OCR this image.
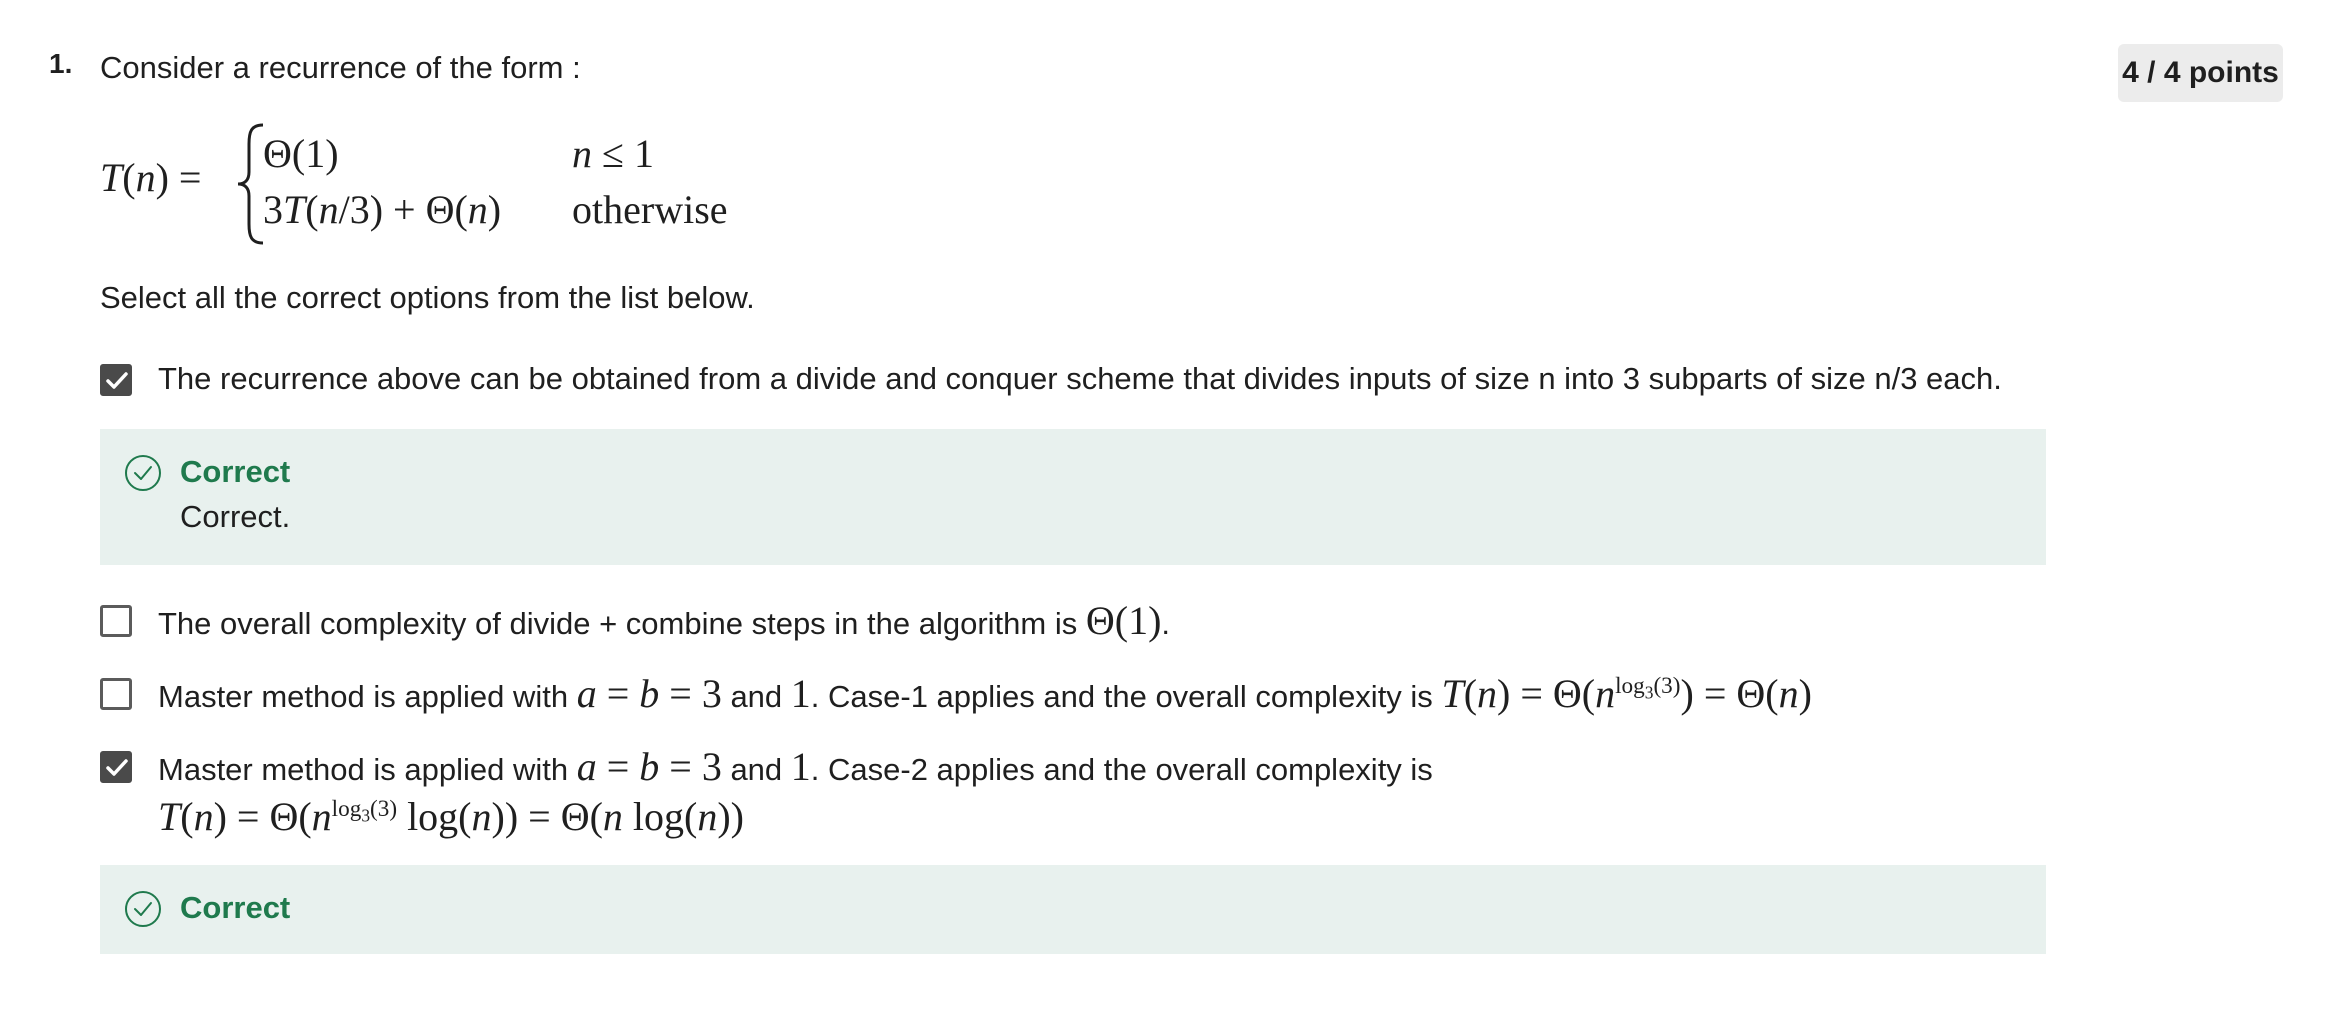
1. Consider a recurrence of the form :	4 / 4 points
T(n) =
Θ(1)	n ≤ 1
3T(n/3) + Θ(n) otherwise
Select all the correct options from the list below.
The recurrence above can be obtained from a divide and conquer scheme that divides inputs of size n into 3 subparts of size n/3 each.
Correct
Correct.
The overall complexity of divide + combine steps in the algorithm is Θ(1).
Master method is applied with a = b = 3 and 1. Case-1 applies and the overall complexity is $T(n) = \Theta(n^{log_3(3)}) = \Theta(n)$
Master method is applied with a = b = 3 and 1. Case-2 applies and the overall complexity is
$T(n) = \Theta(n^{log_3(3)}$ log(n)) = Θ(n log(n))
Correct
